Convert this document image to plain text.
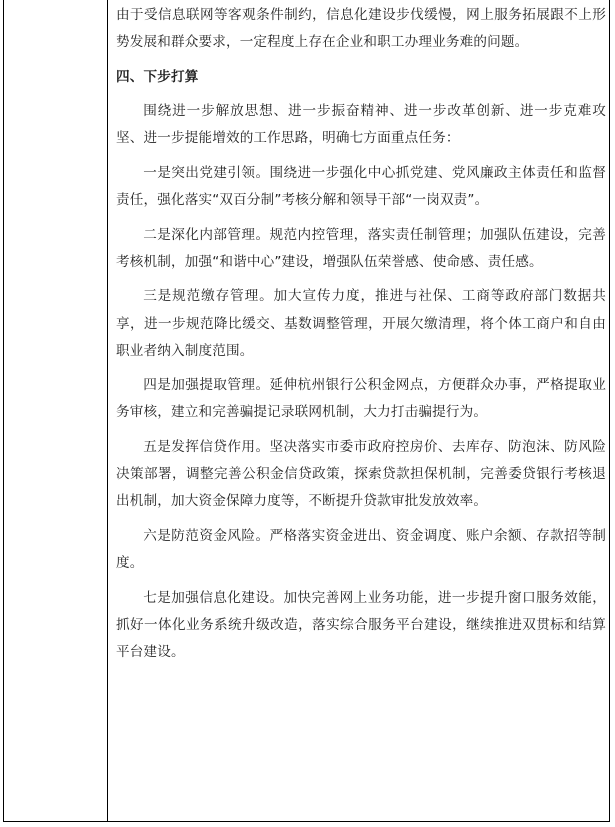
由于受信息联网等客观条件制约，信息化建设步伐缓慢，网上服务拓展跟不上形势发展和群众要求，一定程度上存在企业和职工办理业务难的问题。

四、下步打算

围绕进一步解放思想、进一步振奋精神、进一步改革创新、进一步克难攻坚、进一步提能增效的工作思路，明确七方面重点任务：

一是突出党建引领。围绕进一步强化中心抓党建、党风廉政主体责任和监督责任，强化落实“双百分制”考核分解和领导干部“一岗双责”。

二是深化内部管理。规范内控管理，落实责任制管理；加强队伍建设，完善考核机制，加强“和谐中心”建设，增强队伍荣誉感、使命感、责任感。

三是规范缴存管理。加大宣传力度，推进与社保、工商等政府部门数据共享，进一步规范降比缓交、基数调整管理，开展欠缴清理，将个体工商户和自由职业者纳入制度范围。

四是加强提取管理。延伸杭州银行公积金网点，方便群众办事，严格提取业务审核，建立和完善骗提记录联网机制，大力打击骗提行为。

五是发挥信贷作用。坚决落实市委市政府控房价、去库存、防泡沫、防风险决策部署，调整完善公积金信贷政策，探索贷款担保机制，完善委贷银行考核退出机制，加大资金保障力度等，不断提升贷款审批发放效率。

六是防范资金风险。严格落实资金进出、资金调度、账户余额、存款招等制度。

七是加强信息化建设。加快完善网上业务功能，进一步提升窗口服务效能，抓好一体化业务系统升级改造，落实综合服务平台建设，继续推进双贯标和结算平台建设。
